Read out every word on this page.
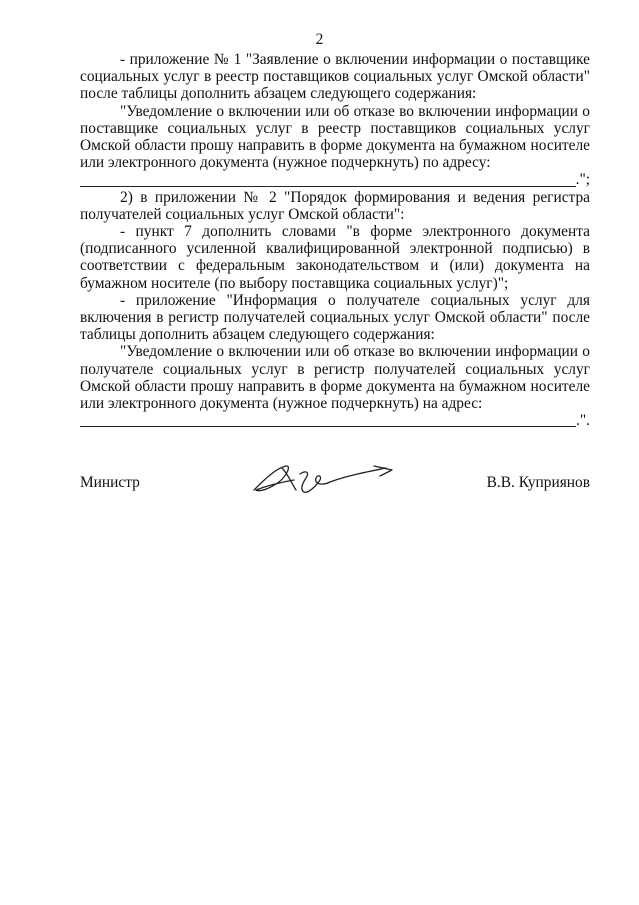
2

- приложение № 1 "Заявление о включении информации о поставщике социальных услуг в реестр поставщиков социальных услуг Омской области" после таблицы дополнить абзацем следующего содержания:

"Уведомление о включении или об отказе во включении информации о поставщике социальных услуг в реестр поставщиков социальных услуг Омской области прошу направить в форме документа на бумажном носителе или электронного документа (нужное подчеркнуть) по адресу:

.";

2) в приложении № 2 "Порядок формирования и ведения регистра получателей социальных услуг Омской области":

- пункт 7 дополнить словами "в форме электронного документа (подписанного усиленной квалифицированной электронной подписью) в соответствии с федеральным законодательством и (или) документа на бумажном носителе (по выбору поставщика социальных услуг)";

- приложение "Информация о получателе социальных услуг для включения в регистр получателей социальных услуг Омской области" после таблицы дополнить абзацем следующего содержания:

"Уведомление о включении или об отказе во включении информации о получателе социальных услуг в регистр получателей социальных услуг Омской области прошу направить в форме документа на бумажном носителе или электронного документа (нужное подчеркнуть) на адрес:

.".
Министр	В.В. Куприянов
